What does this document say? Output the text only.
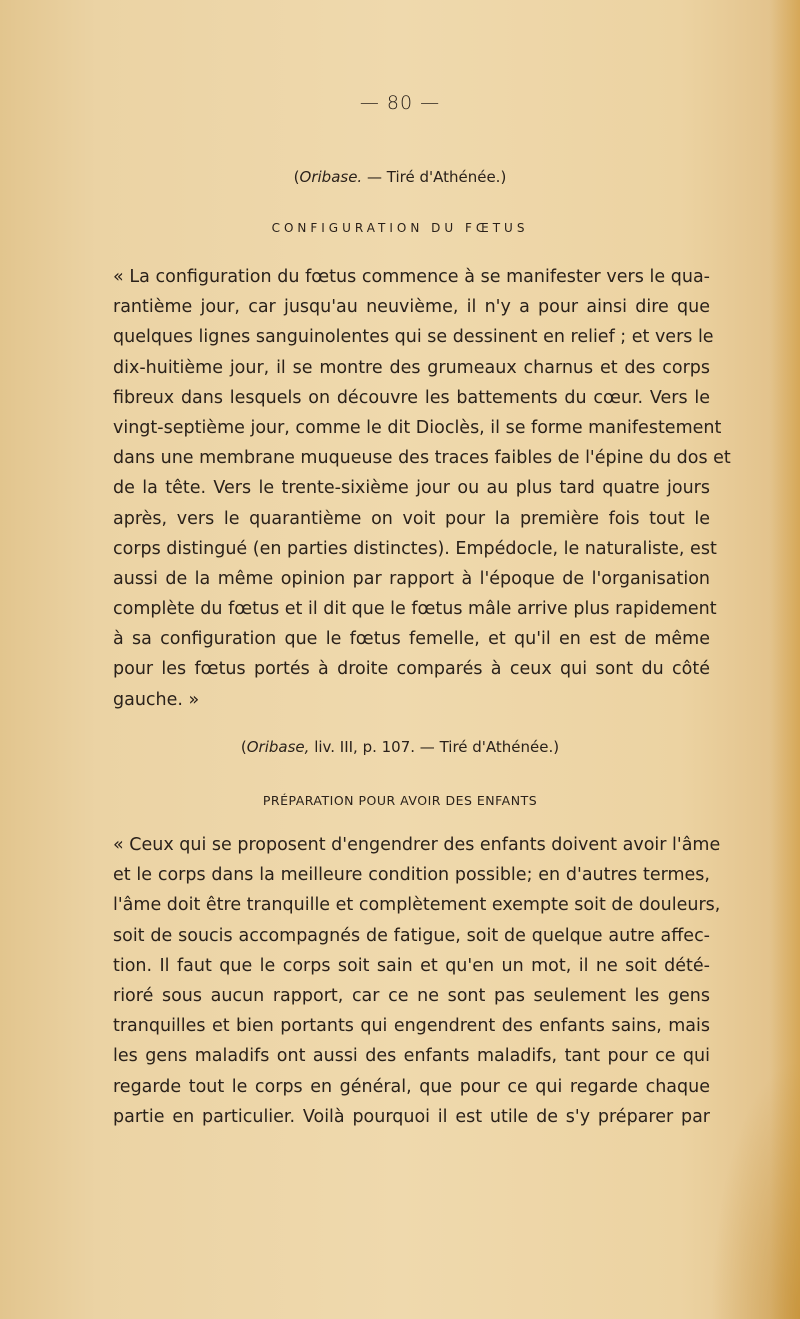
— 80 —
(Oribase. — Tiré d'Athénée.)
CONFIGURATION DU FŒTUS
« La configuration du fœtus commence à se manifester vers le qua-
rantième jour, car jusqu'au neuvième, il n'y a pour ainsi dire que
quelques lignes sanguinolentes qui se dessinent en relief ; et vers le
dix-huitième jour, il se montre des grumeaux charnus et des corps
fibreux dans lesquels on découvre les battements du cœur. Vers le
vingt-septième jour, comme le dit Dioclès, il se forme manifestement
dans une membrane muqueuse des traces faibles de l'épine du dos et
de la tête. Vers le trente-sixième jour ou au plus tard quatre jours
après, vers le quarantième on voit pour la première fois tout le
corps distingué (en parties distinctes). Empédocle, le naturaliste, est
aussi de la même opinion par rapport à l'époque de l'organisation
complète du fœtus et il dit que le fœtus mâle arrive plus rapidement
à sa configuration que le fœtus femelle, et qu'il en est de même
pour les fœtus portés à droite comparés à ceux qui sont du côté
gauche. »
(Oribase, liv. III, p. 107. — Tiré d'Athénée.)
PRÉPARATION POUR AVOIR DES ENFANTS
« Ceux qui se proposent d'engendrer des enfants doivent avoir l'âme
et le corps dans la meilleure condition possible; en d'autres termes,
l'âme doit être tranquille et complètement exempte soit de douleurs,
soit de soucis accompagnés de fatigue, soit de quelque autre affec-
tion. Il faut que le corps soit sain et qu'en un mot, il ne soit dété-
rioré sous aucun rapport, car ce ne sont pas seulement les gens
tranquilles et bien portants qui engendrent des enfants sains, mais
les gens maladifs ont aussi des enfants maladifs, tant pour ce qui
regarde tout le corps en général, que pour ce qui regarde chaque
partie en particulier. Voilà pourquoi il est utile de s'y préparer par
